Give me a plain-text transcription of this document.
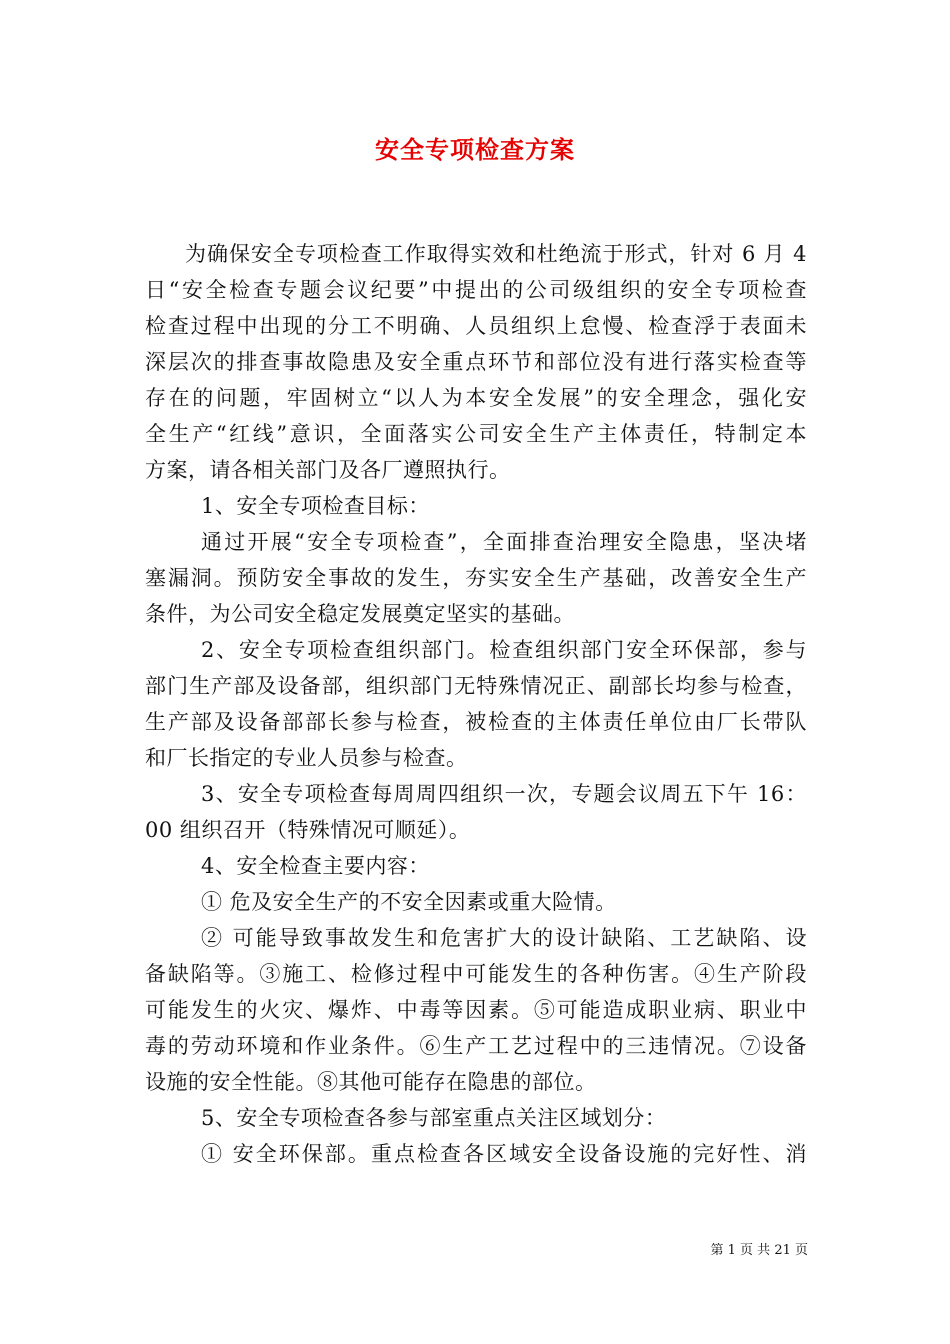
安全专项检查方案
为确保安全专项检查工作取得实效和杜绝流于形式，针对 6 月 4
日“安全检查专题会议纪要”中提出的公司级组织的安全专项检查
检查过程中出现的分工不明确、人员组织上怠慢、检查浮于表面未
深层次的排查事故隐患及安全重点环节和部位没有进行落实检查等
存在的问题，牢固树立“以人为本安全发展”的安全理念，强化安
全生产“红线”意识，全面落实公司安全生产主体责任，特制定本
方案，请各相关部门及各厂遵照执行。
1、安全专项检查目标：
通过开展“安全专项检查”，全面排查治理安全隐患，坚决堵
塞漏洞。预防安全事故的发生，夯实安全生产基础，改善安全生产
条件，为公司安全稳定发展奠定坚实的基础。
2、安全专项检查组织部门。检查组织部门安全环保部，参与
部门生产部及设备部，组织部门无特殊情况正、副部长均参与检查，
生产部及设备部部长参与检查，被检查的主体责任单位由厂长带队
和厂长指定的专业人员参与检查。
3、安全专项检查每周周四组织一次，专题会议周五下午 16：
00 组织召开（特殊情况可顺延）。
4、安全检查主要内容：
① 危及安全生产的不安全因素或重大险情。
② 可能导致事故发生和危害扩大的设计缺陷、工艺缺陷、设
备缺陷等。③施工、检修过程中可能发生的各种伤害。④生产阶段
可能发生的火灾、爆炸、中毒等因素。⑤可能造成职业病、职业中
毒的劳动环境和作业条件。⑥生产工艺过程中的三违情况。⑦设备
设施的安全性能。⑧其他可能存在隐患的部位。
5、安全专项检查各参与部室重点关注区域划分：
① 安全环保部。重点检查各区域安全设备设施的完好性、消
第 1 页 共 21 页
